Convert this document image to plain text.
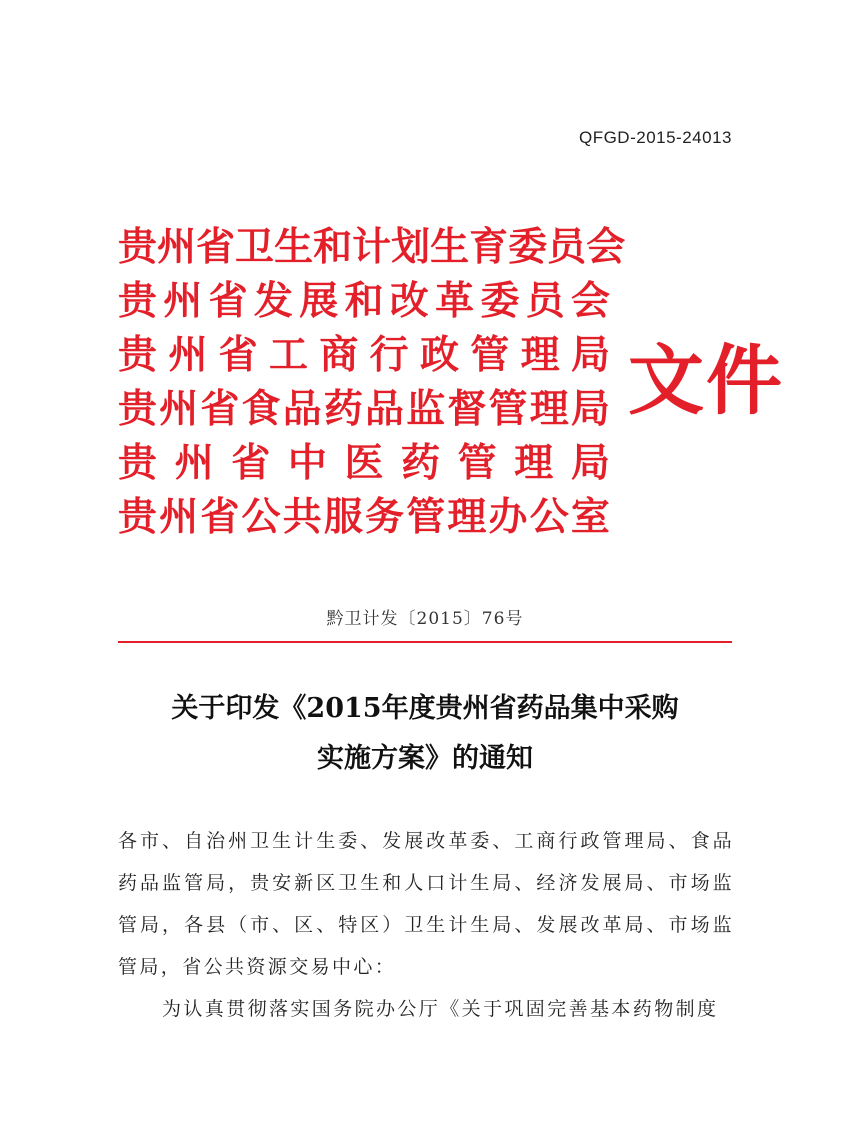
QFGD-2015-24013
贵 州 省 卫 生 和 计 划 生 育 委 员 会
贵 州 省 发 展 和 改 革 委 员 会
贵 州 省 工 商 行 政 管 理 局
贵 州 省 食 品 药 品 监 督 管 理 局
贵 州 省 中 医 药 管 理 局
贵 州 省 公 共 服 务 管 理 办 公 室
文件
黔卫计发〔2015〕76号
关于印发《2015年度贵州省药品集中采购
实施方案》的通知

各市、自治州卫生计生委、发展改革委、工商行政管理局、食品药品监管局，贵安新区卫生和人口计生局、经济发展局、市场监管局，各县（市、区、特区）卫生计生局、发展改革局、市场监管局，省公共资源交易中心：

为认真贯彻落实国务院办公厅《关于巩固完善基本药物制度
